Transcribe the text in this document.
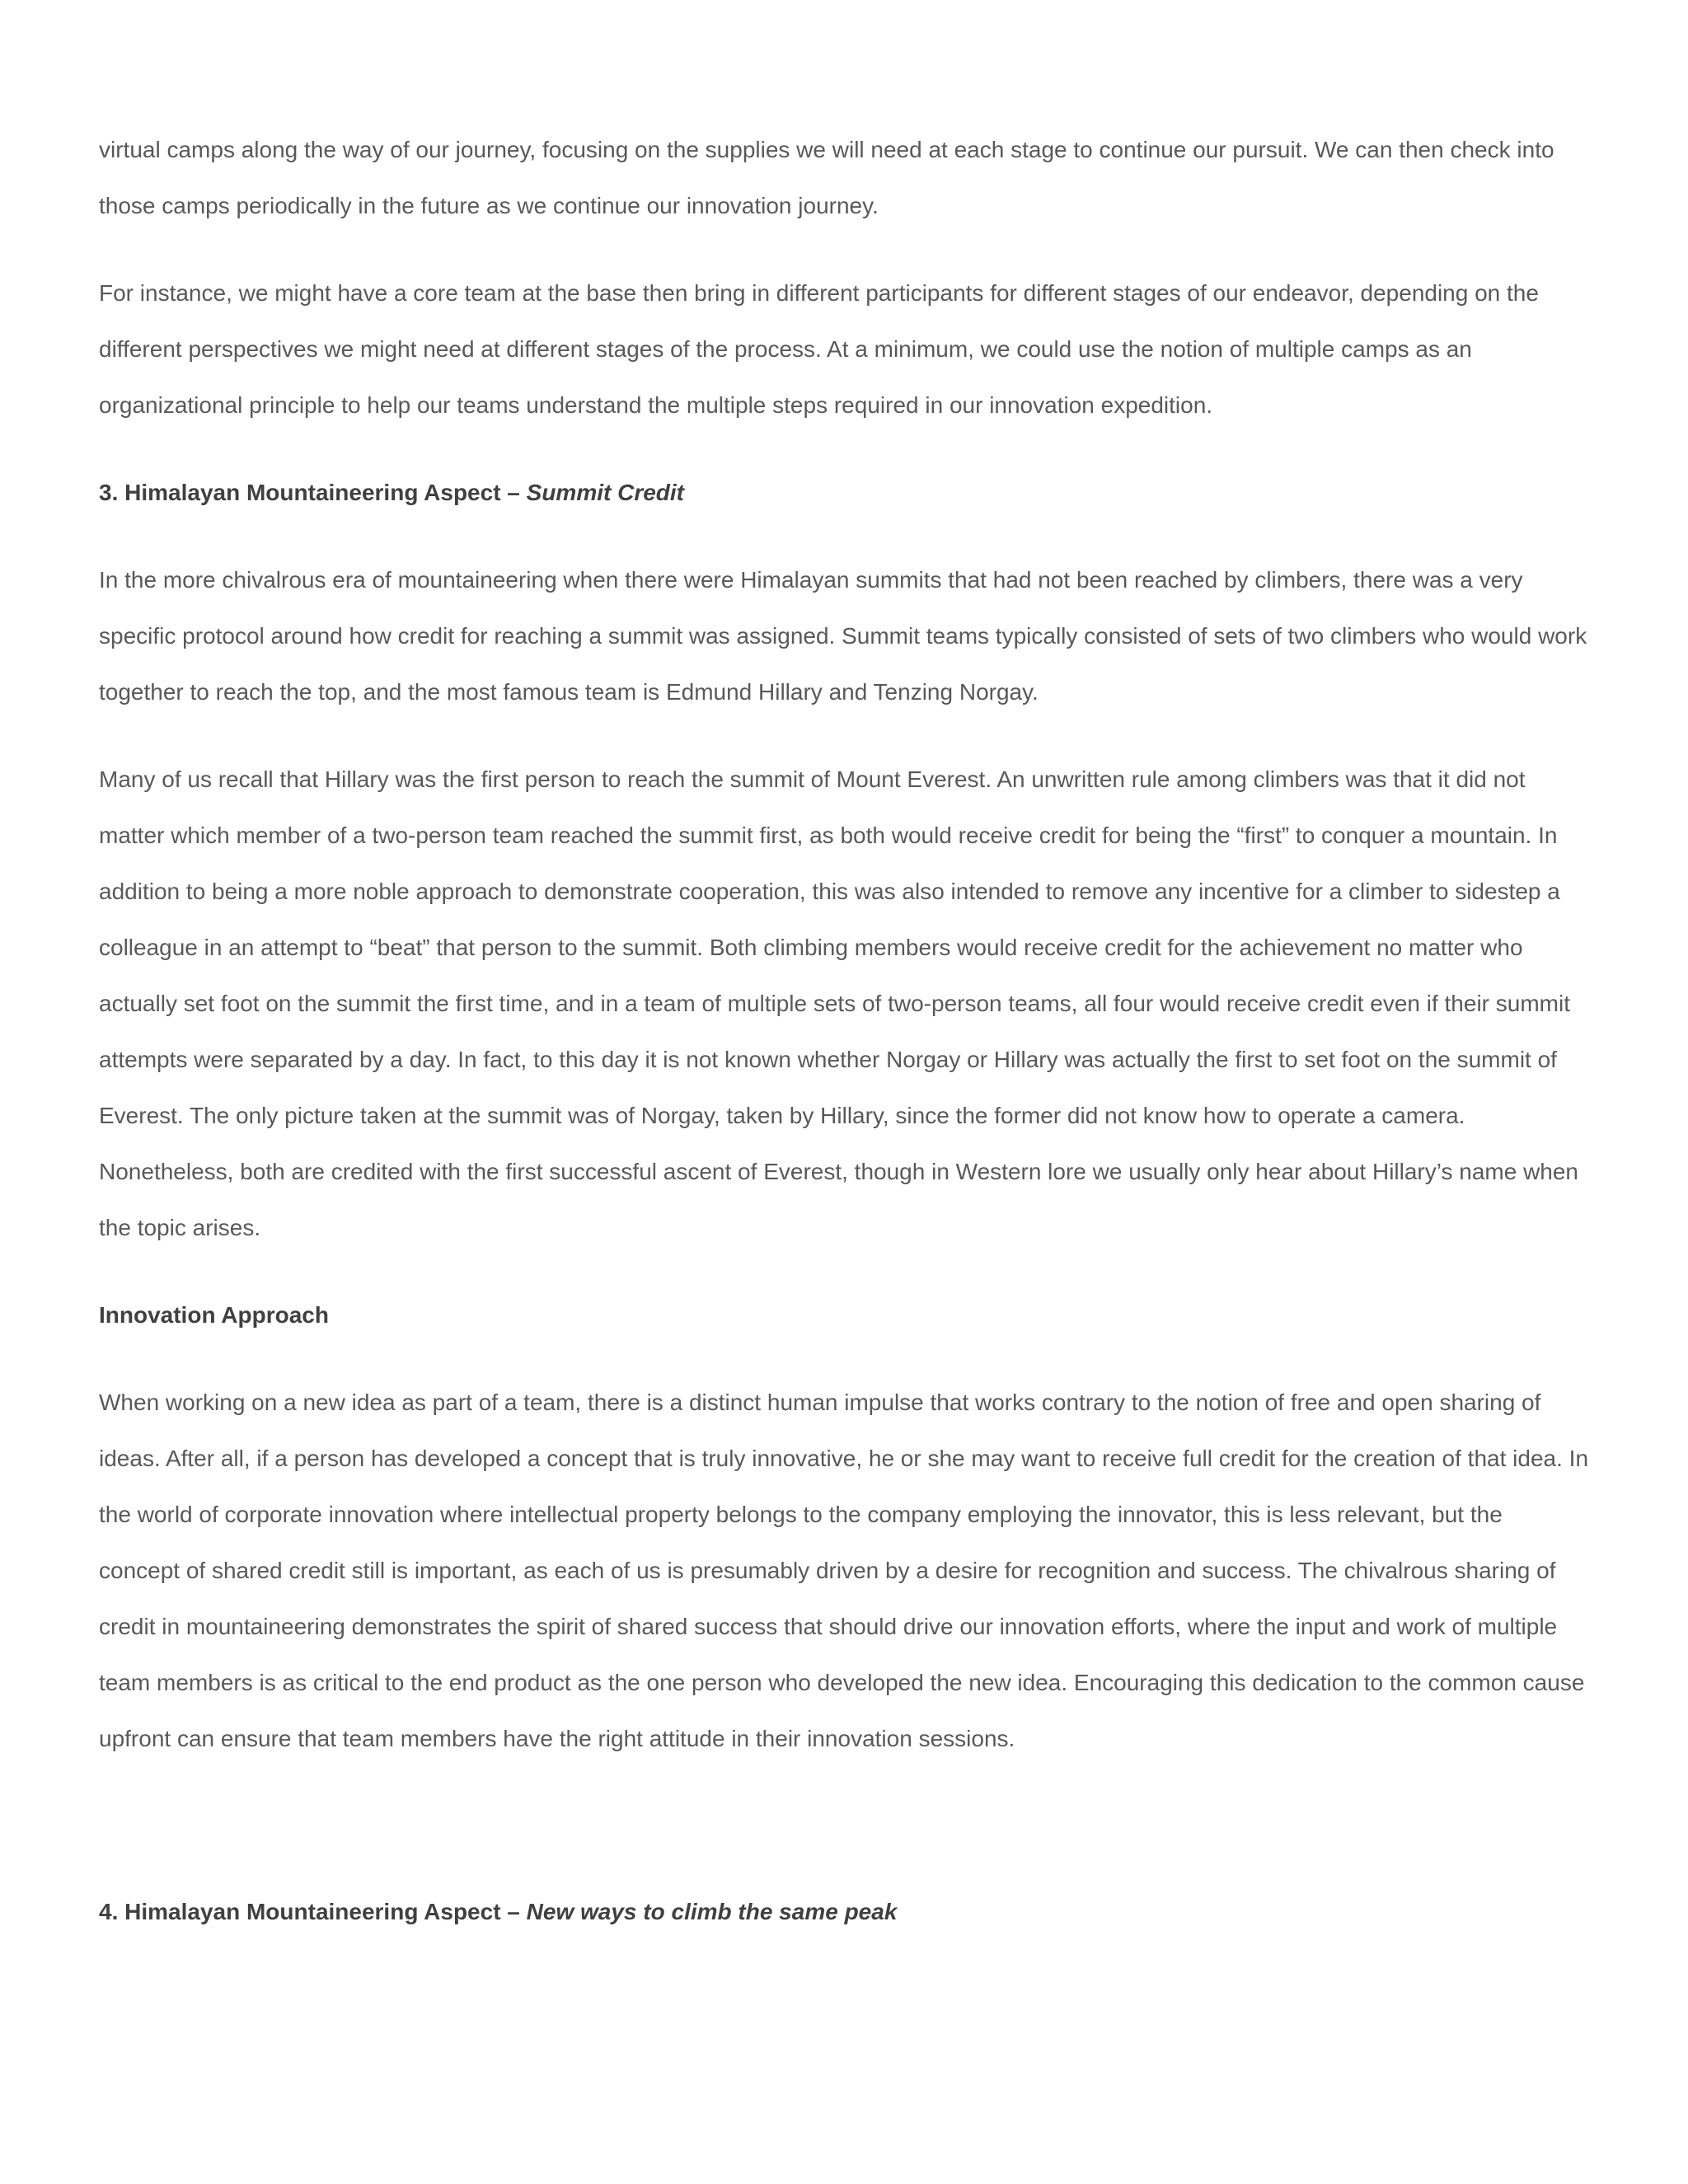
virtual camps along the way of our journey, focusing on the supplies we will need at each stage to continue our pursuit. We can then check into those camps periodically in the future as we continue our innovation journey.

For instance, we might have a core team at the base then bring in different participants for different stages of our endeavor, depending on the different perspectives we might need at different stages of the process. At a minimum, we could use the notion of multiple camps as an organizational principle to help our teams understand the multiple steps required in our innovation expedition.

3. Himalayan Mountaineering Aspect – Summit Credit

In the more chivalrous era of mountaineering when there were Himalayan summits that had not been reached by climbers, there was a very specific protocol around how credit for reaching a summit was assigned. Summit teams typically consisted of sets of two climbers who would work together to reach the top, and the most famous team is Edmund Hillary and Tenzing Norgay.

Many of us recall that Hillary was the first person to reach the summit of Mount Everest. An unwritten rule among climbers was that it did not matter which member of a two-person team reached the summit first, as both would receive credit for being the “first” to conquer a mountain. In addition to being a more noble approach to demonstrate cooperation, this was also intended to remove any incentive for a climber to sidestep a colleague in an attempt to “beat” that person to the summit. Both climbing members would receive credit for the achievement no matter who actually set foot on the summit the first time, and in a team of multiple sets of two-person teams, all four would receive credit even if their summit attempts were separated by a day. In fact, to this day it is not known whether Norgay or Hillary was actually the first to set foot on the summit of Everest. The only picture taken at the summit was of Norgay, taken by Hillary, since the former did not know how to operate a camera. Nonetheless, both are credited with the first successful ascent of Everest, though in Western lore we usually only hear about Hillary’s name when the topic arises.

Innovation Approach

When working on a new idea as part of a team, there is a distinct human impulse that works contrary to the notion of free and open sharing of ideas. After all, if a person has developed a concept that is truly innovative, he or she may want to receive full credit for the creation of that idea. In the world of corporate innovation where intellectual property belongs to the company employing the innovator, this is less relevant, but the concept of shared credit still is important, as each of us is presumably driven by a desire for recognition and success. The chivalrous sharing of credit in mountaineering demonstrates the spirit of shared success that should drive our innovation efforts, where the input and work of multiple team members is as critical to the end product as the one person who developed the new idea. Encouraging this dedication to the common cause upfront can ensure that team members have the right attitude in their innovation sessions.

4. Himalayan Mountaineering Aspect – New ways to climb the same peak
